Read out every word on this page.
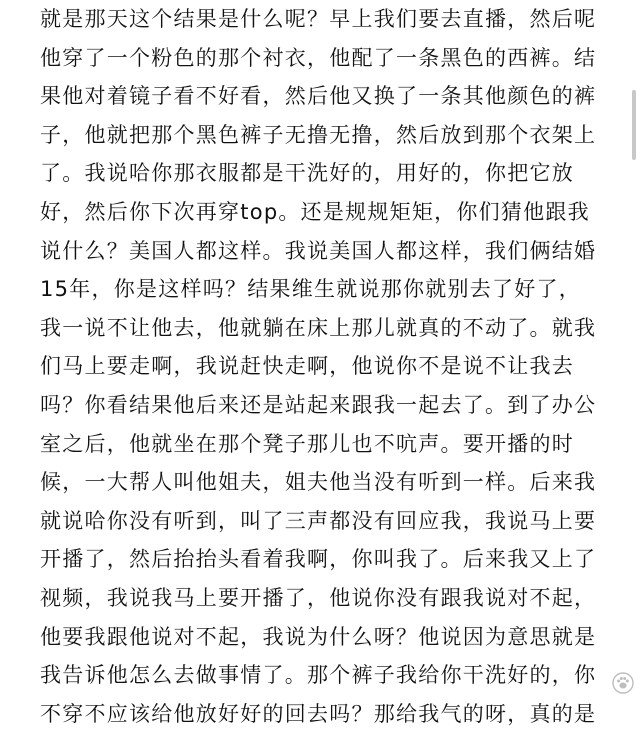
就是那天这个结果是什么呢？早上我们要去直播，然后呢
他穿了一个粉色的那个衬衣，他配了一条黑色的西裤。结
果他对着镜子看不好看，然后他又换了一条其他颜色的裤
子，他就把那个黑色裤子无撸无撸，然后放到那个衣架上
了。我说哈你那衣服都是干洗好的，用好的，你把它放
好，然后你下次再穿top。还是规规矩矩，你们猜他跟我
说什么？美国人都这样。我说美国人都这样，我们俩结婚
15年，你是这样吗？结果维生就说那你就别去了好了，
我一说不让他去，他就躺在床上那儿就真的不动了。就我
们马上要走啊，我说赶快走啊，他说你不是说不让我去
吗？你看结果他后来还是站起来跟我一起去了。到了办公
室之后，他就坐在那个凳子那儿也不吭声。要开播的时
候，一大帮人叫他姐夫，姐夫他当没有听到一样。后来我
就说哈你没有听到，叫了三声都没有回应我，我说马上要
开播了，然后抬抬头看着我啊，你叫我了。后来我又上了
视频，我说我马上要开播了，他说你没有跟我说对不起，
他要我跟他说对不起，我说为什么呀？他说因为意思就是
我告诉他怎么去做事情了。那个裤子我给你干洗好的，你
不穿不应该给他放好好的回去吗？那给我气的呀，真的是
